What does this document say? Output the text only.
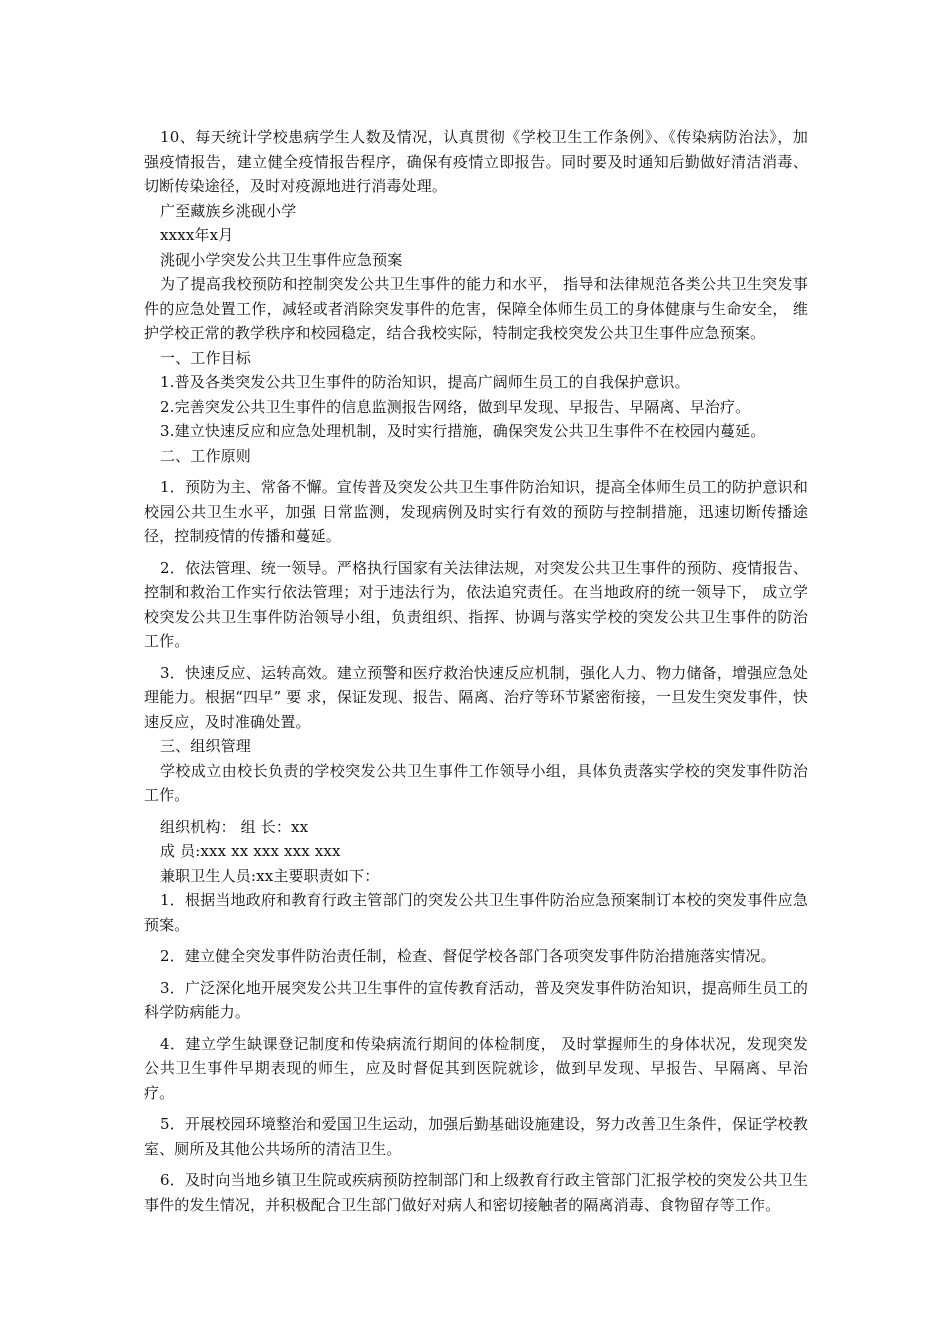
10、每天统计学校患病学生人数及情况，认真贯彻《学校卫生工作条例》、《传染病防治法》，加强疫情报告，建立健全疫情报告程序，确保有疫情立即报告。同时要及时通知后勤做好清洁消毒、切断传染途径，及时对疫源地进行消毒处理。

广至藏族乡洮砚小学

xxxx年x月

洮砚小学突发公共卫生事件应急预案

为了提高我校预防和控制突发公共卫生事件的能力和水平， 指导和法律规范各类公共卫生突发事件的应急处置工作，减轻或者消除突发事件的危害，保障全体师生员工的身体健康与生命安全， 维护学校正常的教学秩序和校园稳定，结合我校实际，特制定我校突发公共卫生事件应急预案。

一、工作目标

1.普及各类突发公共卫生事件的防治知识，提高广阔师生员工的自我保护意识。

2.完善突发公共卫生事件的信息监测报告网络，做到早发现、早报告、早隔离、早治疗。

3.建立快速反应和应急处理机制，及时实行措施，确保突发公共卫生事件不在校园内蔓延。

二、工作原则

1．预防为主、常备不懈。宣传普及突发公共卫生事件防治知识，提高全体师生员工的防护意识和校园公共卫生水平，加强 日常监测，发现病例及时实行有效的预防与控制措施，迅速切断传播途径，控制疫情的传播和蔓延。

2．依法管理、统一领导。严格执行国家有关法律法规，对突发公共卫生事件的预防、疫情报告、控制和救治工作实行依法管理；对于违法行为，依法追究责任。在当地政府的统一领导下， 成立学校突发公共卫生事件防治领导小组，负责组织、指挥、协调与落实学校的突发公共卫生事件的防治工作。

3．快速反应、运转高效。建立预警和医疗救治快速反应机制，强化人力、物力储备，增强应急处理能力。根据“四早” 要 求，保证发现、报告、隔离、治疗等环节紧密衔接，一旦发生突发事件，快速反应，及时准确处置。

三、组织管理

学校成立由校长负责的学校突发公共卫生事件工作领导小组，具体负责落实学校的突发事件防治工作。

组织机构： 组 长：xx

成 员:xxx xx xxx xxx xxx

兼职卫生人员:xx主要职责如下：

1．根据当地政府和教育行政主管部门的突发公共卫生事件防治应急预案制订本校的突发事件应急预案。

2．建立健全突发事件防治责任制，检查、督促学校各部门各项突发事件防治措施落实情况。

3．广泛深化地开展突发公共卫生事件的宣传教育活动，普及突发事件防治知识，提高师生员工的科学防病能力。

4．建立学生缺课登记制度和传染病流行期间的体检制度， 及时掌握师生的身体状况，发现突发公共卫生事件早期表现的师生，应及时督促其到医院就诊，做到早发现、早报告、早隔离、早治疗。

5．开展校园环境整治和爱国卫生运动，加强后勤基础设施建设，努力改善卫生条件，保证学校教室、厕所及其他公共场所的清洁卫生。

6．及时向当地乡镇卫生院或疾病预防控制部门和上级教育行政主管部门汇报学校的突发公共卫生事件的发生情况，并积极配合卫生部门做好对病人和密切接触者的隔离消毒、食物留存等工作。
